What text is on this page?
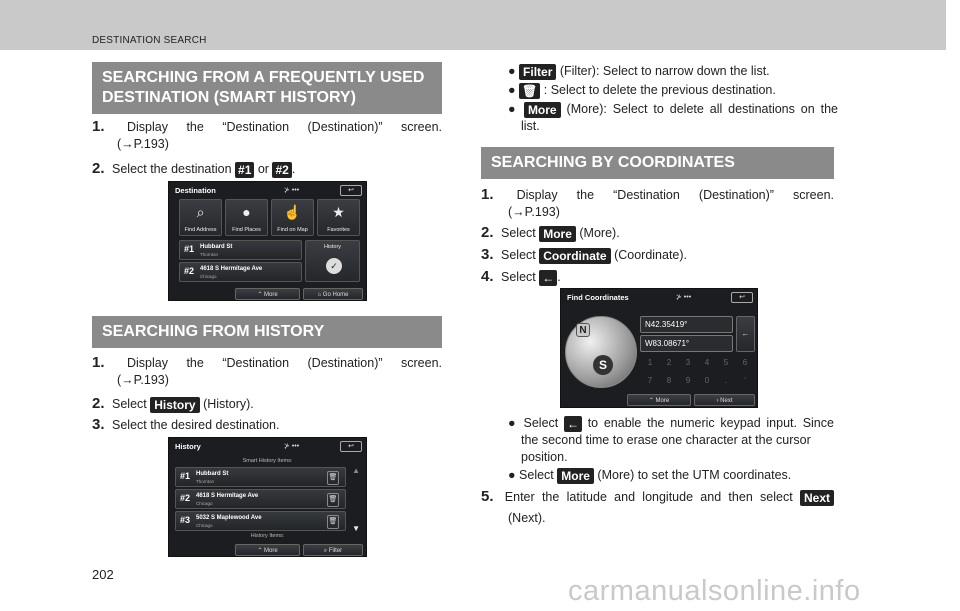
DESTINATION SEARCH
SEARCHING FROM A FREQUENTLY USED
DESTINATION (SMART HISTORY)
1. Display the “Destination (Destination)” screen.
(→P.193)
2. Select the destination #1 or #2 .
Destination	⊁ •••	↩
⌕
Find Address
●
Find Places
☝
Find on Map
★
Favorites
#1 Hubbard St
Thornton
#2 4618 S Hermitage Ave
Chicago
History
✓
⌃ More	⌂ Go Home
SEARCHING FROM HISTORY
1. Display the “Destination (Destination)” screen.
(→P.193)
2. Select History (History).
3. Select the desired destination.
History	⊁ •••	↩
Smart History Items:
#1 Hubbard St
Thornton
🗑
#2 4618 S Hermitage Ave
Chicago
🗑
#3 5032 S Maplewood Ave
Chicago
🗑
▲
▼
History Items:
⌃ More	⌕ Filter
● Filter (Filter): Select to narrow down the list.
● 🗑 : Select to delete the previous destination.
● More (More): Select to delete all destinations on the
list.
SEARCHING BY COORDINATES
1. Display the “Destination (Destination)” screen.
(→P.193)
2. Select More (More).
3. Select Coordinate (Coordinate).
4. Select ← .
Find Coordinates	⊁ •••	↩
N
S
N42.35419°
W83.08671°
←
1	2	3	4	5	6
7	8	9	0	.	'
⌃ More	› Next
● Select ← to enable the numeric keypad input. Since
the second time to erase one character at the cursor
position.
● Select More (More) to set the UTM coordinates.
5. Enter the latitude and longitude and then select Next
(Next).
202
carmanualsonline.info
